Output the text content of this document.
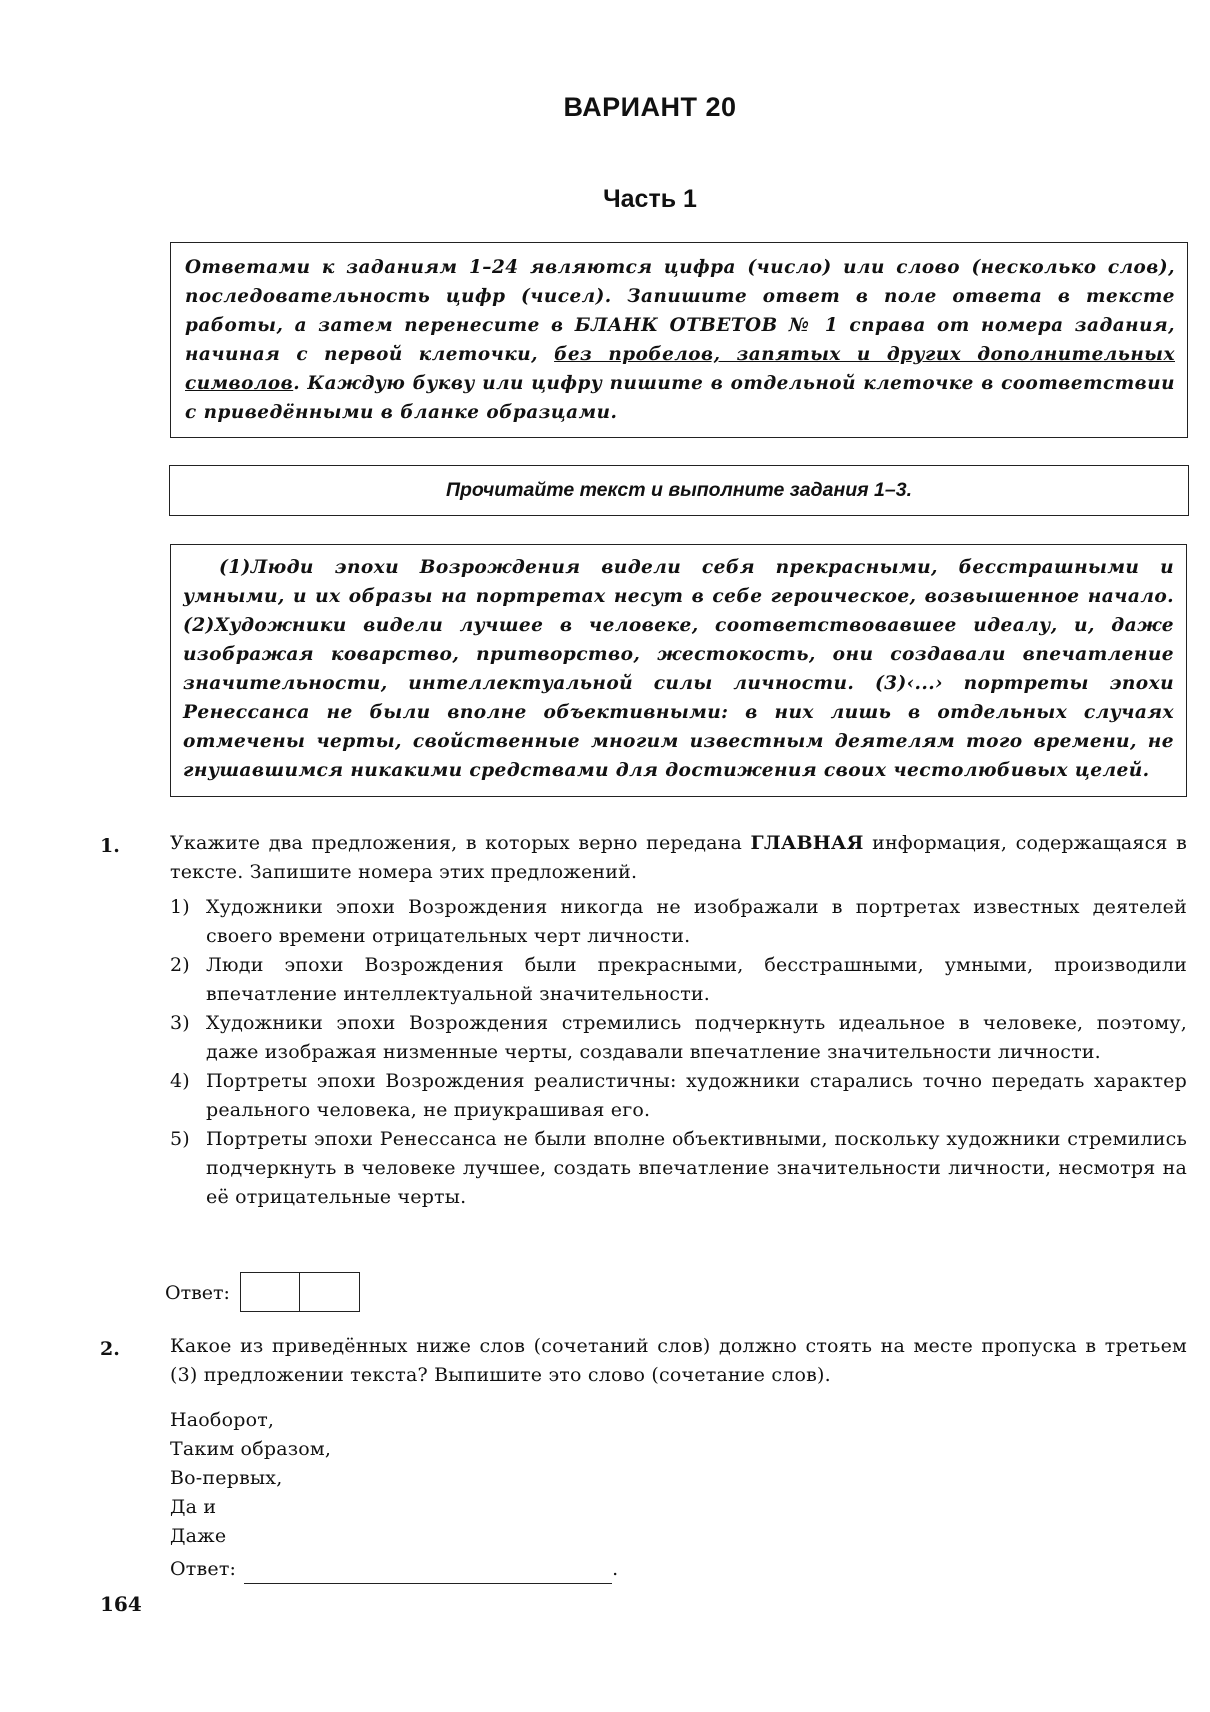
ВАРИАНТ 20
Часть 1
Ответами к заданиям 1–24 являются цифра (число) или слово (несколько слов), последовательность цифр (чисел). Запишите ответ в поле ответа в тексте работы, а затем перенесите в БЛАНК ОТВЕТОВ № 1 справа от номера задания, начиная с первой клеточки, без пробелов, запятых и других дополнительных символов. Каждую букву или цифру пишите в отдельной клеточке в соответствии с приведёнными в бланке образцами.
Прочитайте текст и выполните задания 1–3.

(1)Люди эпохи Возрождения видели себя прекрасными, бесстрашными и умными, и их образы на портретах несут в себе героическое, возвышенное начало. (2)Художники видели лучшее в человеке, соответствовавшее идеалу, и, даже изображая коварство, притворство, жестокость, они создавали впечатление значительности, интеллектуальной силы личности. (3)‹...› портреты эпохи Ренессанса не были вполне объективными: в них лишь в отдельных случаях отмечены черты, свойственные многим известным деятелям того времени, не гнушавшимся никакими средствами для достижения своих честолюбивых целей.

1.	Укажите два предложения, в которых верно передана ГЛАВНАЯ информация, содержащаяся в тексте. Запишите номера этих предложений.

1) Художники эпохи Возрождения никогда не изображали в портретах известных деятелей своего времени отрицательных черт личности.
2) Люди эпохи Возрождения были прекрасными, бесстрашными, умными, производили впечатление интеллектуальной значительности.
3) Художники эпохи Возрождения стремились подчеркнуть идеальное в человеке, поэтому, даже изображая низменные черты, создавали впечатление значительности личности.
4) Портреты эпохи Возрождения реалистичны: художники старались точно передать характер реального человека, не приукрашивая его.
5) Портреты эпохи Ренессанса не были вполне объективными, поскольку художники стремились подчеркнуть в человеке лучшее, создать впечатление значительности личности, несмотря на её отрицательные черты.
Ответ:
2.	Какое из приведённых ниже слов (сочетаний слов) должно стоять на месте пропуска в третьем (3) предложении текста? Выпишите это слово (сочетание слов).

Наоборот,
Таким образом,
Во-первых,
Да и
Даже
Ответ:	.
164
